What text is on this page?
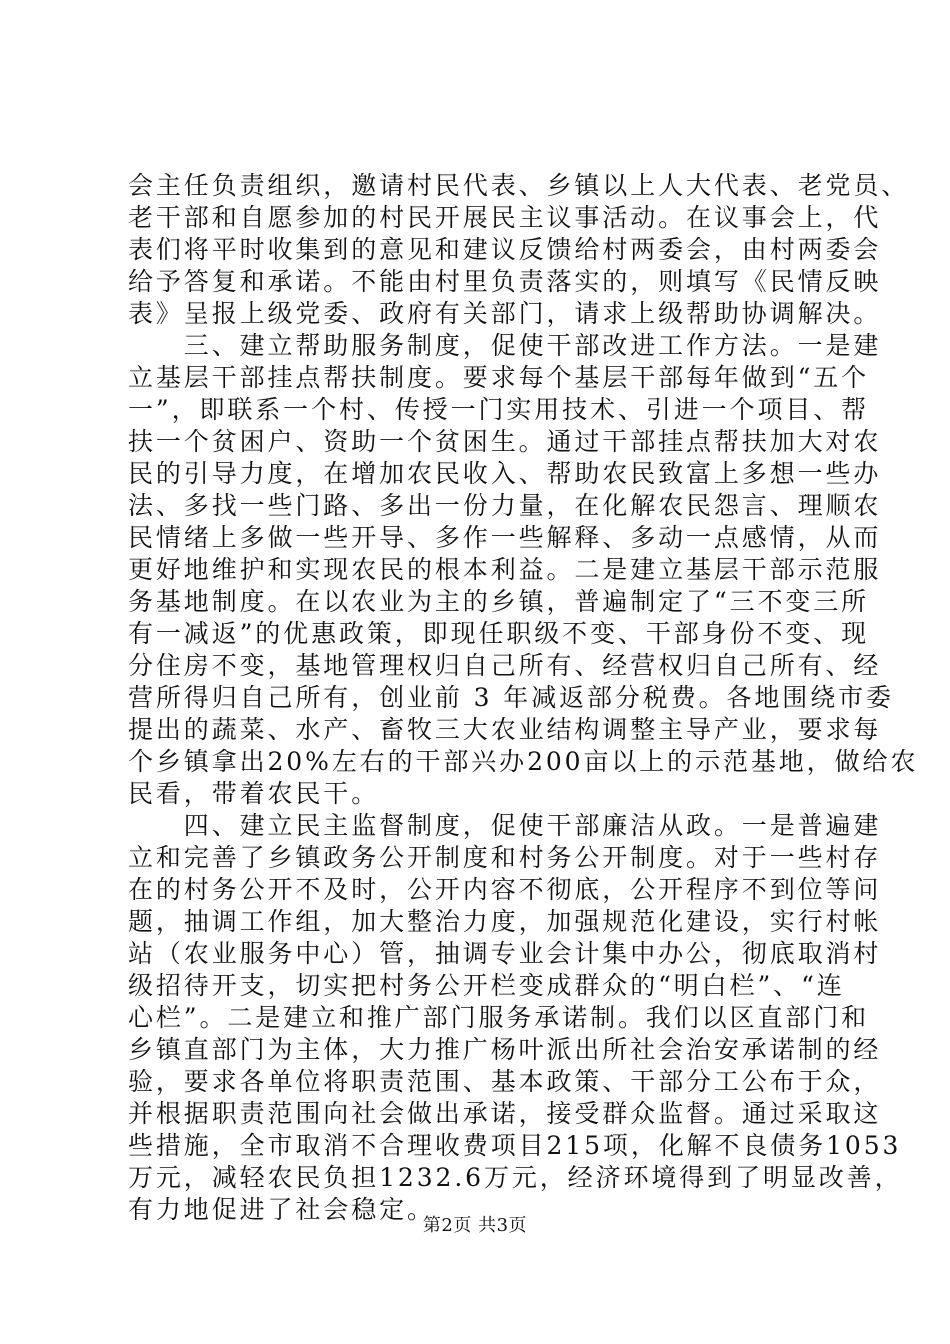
会主任负责组织，邀请村民代表、乡镇以上人大代表、老党员、
老干部和自愿参加的村民开展民主议事活动。在议事会上，代
表们将平时收集到的意见和建议反馈给村两委会，由村两委会
给予答复和承诺。不能由村里负责落实的，则填写《民情反映
表》呈报上级党委、政府有关部门，请求上级帮助协调解决。
　　三、建立帮助服务制度，促使干部改进工作方法。一是建
立基层干部挂点帮扶制度。要求每个基层干部每年做到“五个
一”，即联系一个村、传授一门实用技术、引进一个项目、帮
扶一个贫困户、资助一个贫困生。通过干部挂点帮扶加大对农
民的引导力度，在增加农民收入、帮助农民致富上多想一些办
法、多找一些门路、多出一份力量，在化解农民怨言、理顺农
民情绪上多做一些开导、多作一些解释、多动一点感情，从而
更好地维护和实现农民的根本利益。二是建立基层干部示范服
务基地制度。在以农业为主的乡镇，普遍制定了“三不变三所
有一减返”的优惠政策，即现任职级不变、干部身份不变、现
分住房不变，基地管理权归自己所有、经营权归自己所有、经
营所得归自己所有，创业前 3 年减返部分税费。各地围绕市委
提出的蔬菜、水产、畜牧三大农业结构调整主导产业，要求每
个乡镇拿出20%左右的干部兴办200亩以上的示范基地，做给农
民看，带着农民干。
　　四、建立民主监督制度，促使干部廉洁从政。一是普遍建
立和完善了乡镇政务公开制度和村务公开制度。对于一些村存
在的村务公开不及时，公开内容不彻底，公开程序不到位等问
题，抽调工作组，加大整治力度，加强规范化建设，实行村帐
站（农业服务中心）管，抽调专业会计集中办公，彻底取消村
级招待开支，切实把村务公开栏变成群众的“明白栏”、“连
心栏”。二是建立和推广部门服务承诺制。我们以区直部门和
乡镇直部门为主体，大力推广杨叶派出所社会治安承诺制的经
验，要求各单位将职责范围、基本政策、干部分工公布于众，
并根据职责范围向社会做出承诺，接受群众监督。通过采取这
些措施，全市取消不合理收费项目215项，化解不良债务1053
万元，减轻农民负担1232.6万元，经济环境得到了明显改善，
有力地促进了社会稳定。
第2页 共3页
